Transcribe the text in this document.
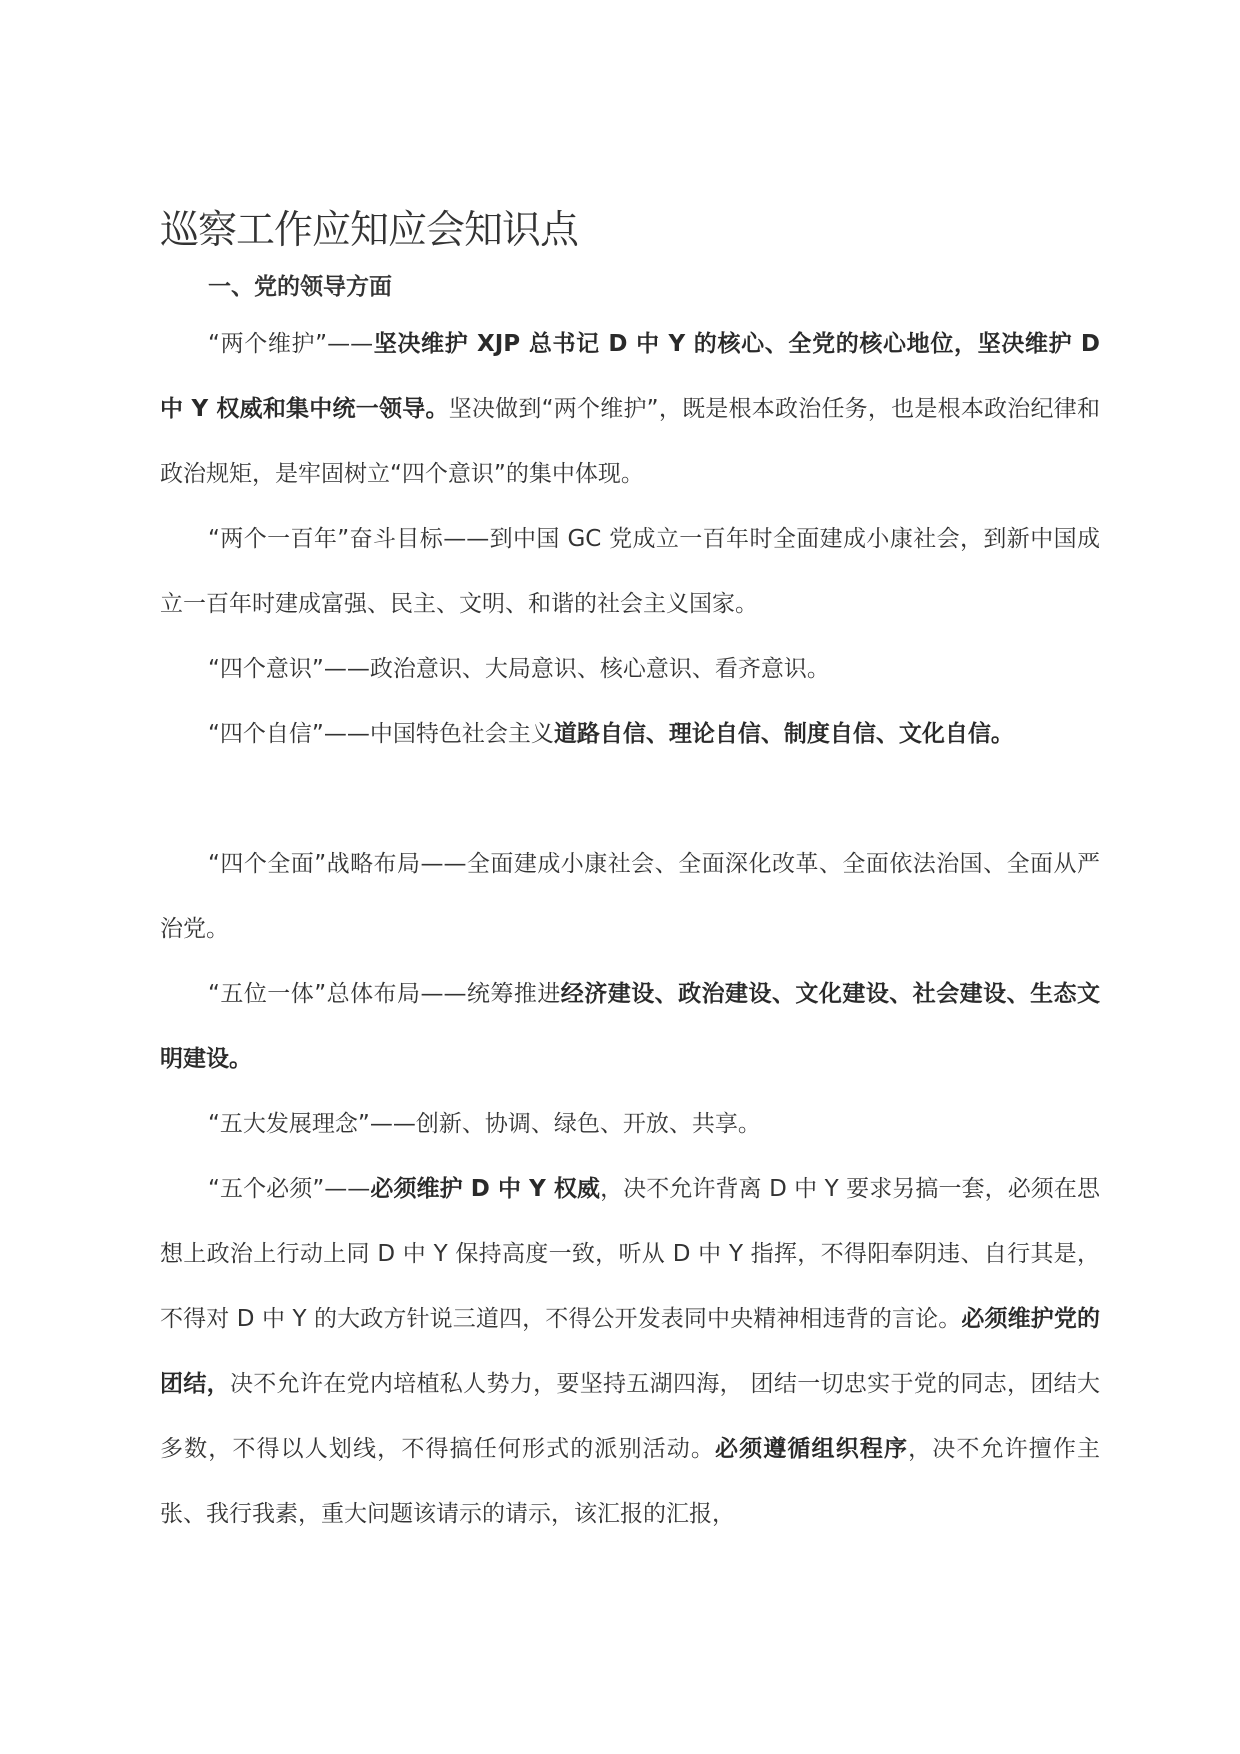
巡察工作应知应会知识点
一、党的领导方面

“两个维护”——坚决维护 XJP 总书记 D 中 Y 的核心、全党的核心地位，坚决维护 D 中 Y 权威和集中统一领导。坚决做到“两个维护”，既是根本政治任务，也是根本政治纪律和政治规矩，是牢固树立“四个意识”的集中体现。

“两个一百年”奋斗目标——到中国 GC 党成立一百年时全面建成小康社会，到新中国成立一百年时建成富强、民主、文明、和谐的社会主义国家。

“四个意识”——政治意识、大局意识、核心意识、看齐意识。

“四个自信”——中国特色社会主义道路自信、理论自信、制度自信、文化自信。

“四个全面”战略布局——全面建成小康社会、全面深化改革、全面依法治国、全面从严治党。

“五位一体”总体布局——统筹推进经济建设、政治建设、文化建设、社会建设、生态文明建设。

“五大发展理念”——创新、协调、绿色、开放、共享。

“五个必须”——必须维护 D 中 Y 权威，决不允许背离 D 中 Y 要求另搞一套，必须在思想上政治上行动上同 D 中 Y 保持高度一致，听从 D 中 Y 指挥，不得阳奉阴违、自行其是，不得对 D 中 Y 的大政方针说三道四，不得公开发表同中央精神相违背的言论。必须维护党的团结，决不允许在党内培植私人势力，要坚持五湖四海， 团结一切忠实于党的同志，团结大多数，不得以人划线，不得搞任何形式的派别活动。必须遵循组织程序，决不允许擅作主张、我行我素，重大问题该请示的请示，该汇报的汇报，
